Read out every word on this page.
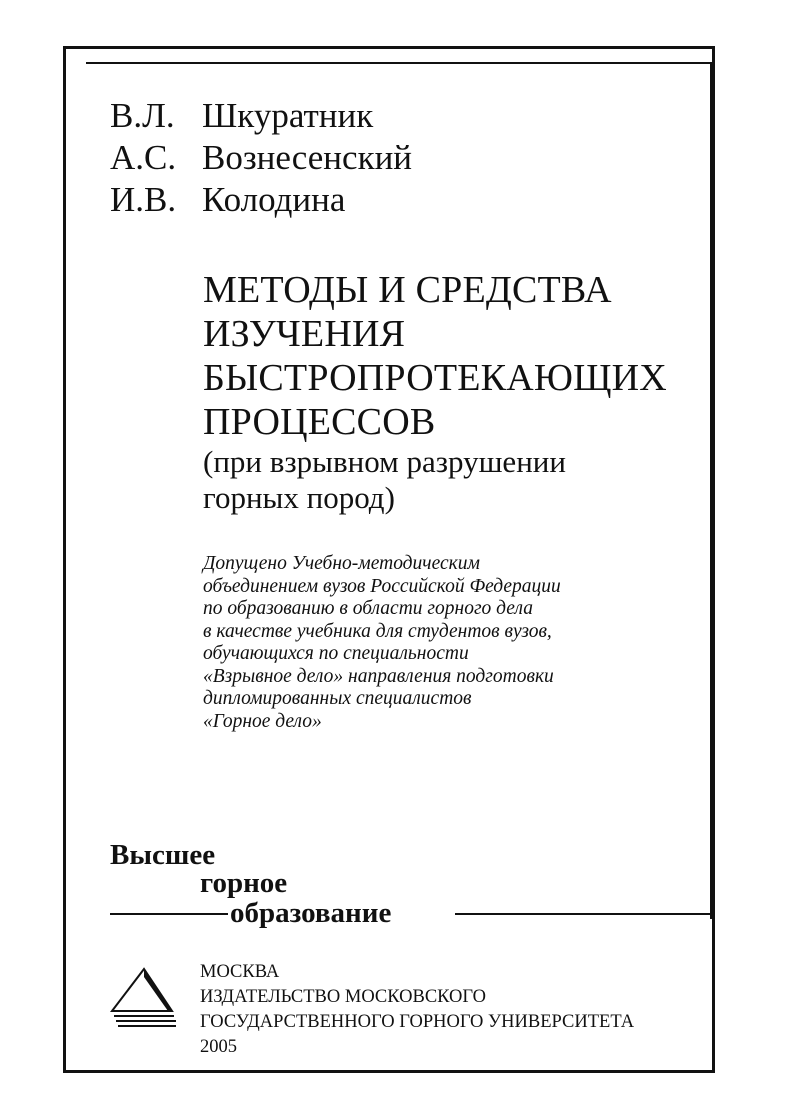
В.Л. Шкуратник
А.С. Вознесенский
И.В. Колодина
МЕТОДЫ И СРЕДСТВА
ИЗУЧЕНИЯ
БЫСТРОПРОТЕКАЮЩИХ
ПРОЦЕССОВ
(при взрывном разрушении
горных пород)
Допущено Учебно-методическим
объединением вузов Российской Федерации
по образованию в области горного дела
в качестве учебника для студентов вузов,
обучающихся по специальности
«Взрывное дело» направления подготовки
дипломированных специалистов
«Горное дело»
Высшее
горное
образование
МОСКВА
ИЗДАТЕЛЬСТВО МОСКОВСКОГО
ГОСУДАРСТВЕННОГО ГОРНОГО УНИВЕРСИТЕТА
2005
